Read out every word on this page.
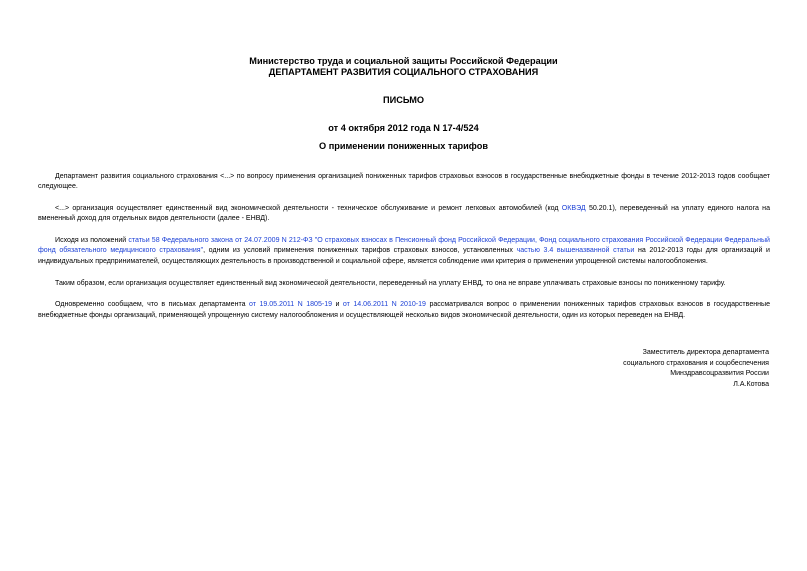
Министерство труда и социальной защиты Российской Федерации
ДЕПАРТАМЕНТ РАЗВИТИЯ СОЦИАЛЬНОГО СТРАХОВАНИЯ
ПИСЬМО
от 4 октября 2012 года N 17-4/524
О применении пониженных тарифов

Департамент развития социального страхования <...> по вопросу применения организацией пониженных тарифов страховых взносов в государственные внебюджетные фонды в течение 2012-2013 годов сообщает следующее.

<...> организация осуществляет единственный вид экономической деятельности - техническое обслуживание и ремонт легковых автомобилей (код ОКВЭД 50.20.1), переведенный на уплату единого налога на вмененный доход для отдельных видов деятельности (далее - ЕНВД).

Исходя из положений статьи 58 Федерального закона от 24.07.2009 N 212-ФЗ "О страховых взносах в Пенсионный фонд Российской Федерации, Фонд социального страхования Российской Федерации Федеральный фонд обязательного медицинского страхования", одним из условий применения пониженных тарифов страховых взносов, установленных частью 3.4 вышеназванной статьи на 2012-2013 годы для организаций и индивидуальных предпринимателей, осуществляющих деятельность в производственной и социальной сфере, является соблюдение ими критерия о применении упрощенной системы налогообложения.

Таким образом, если организация осуществляет единственный вид экономической деятельности, переведенный на уплату ЕНВД, то она не вправе уплачивать страховые взносы по пониженному тарифу.

Одновременно сообщаем, что в письмах департамента от 19.05.2011 N 1805-19 и от 14.06.2011 N 2010-19 рассматривался вопрос о применении пониженных тарифов страховых взносов в государственные внебюджетные фонды организаций, применяющей упрощенную систему налогообложения и осуществляющей несколько видов экономической деятельности, один из которых переведен на ЕНВД.

Заместитель директора департамента
социального страхования и соцобеспечения
Минздравсоцразвития России
Л.А.Котова
